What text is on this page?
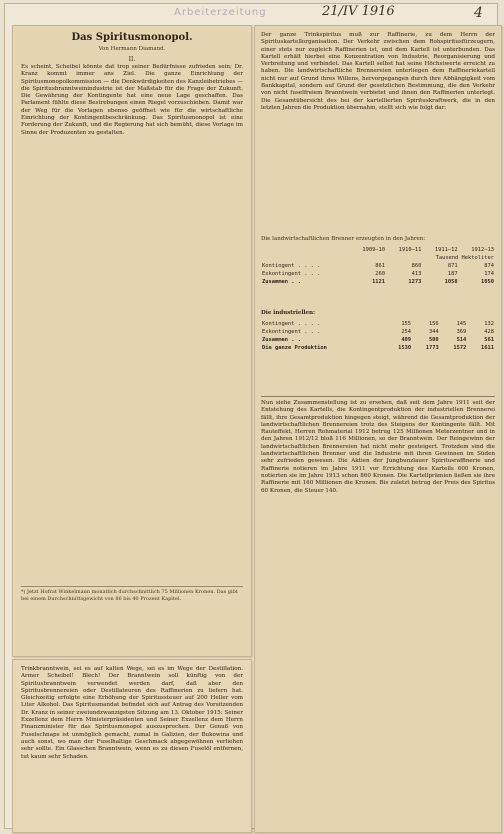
Arbeiterzeitung	21/IV 1916	4
Das Spiritusmonopol.
Von Hermann Diamand.
II.
Es scheint, Scheibel könnte dat trop seiner Bedürfnisse zufrieden sein; Dr. Kranz kommt immer ans Ziel. Die ganze Einrichtung der Spiritusmonopolkommission — die Denkwürdigkeiten des Kanzleibetriebes — die Spiritusbranntweinindustrie ist der Maßstab für die Frage der Zukunft. Die Gewährung der Kontingente hat eine neue Lage geschaffen. Das Parlament fühlte diese Bestrebungen einen Riegel vorzuschieben. Damit war der Weg für die Vorlagen ebenso geöffnet wie für die wirtschaftliche Einrichtung der Kontingentbeschränkung. Das Spiritusmonopol ist eine Forderung der Zukunft, und die Regierung hat sich bemüht, diese Vorlage im Sinne der Produzenten zu gestalten.
*) Jetzt Hofrat Winkelmann monatlich durchschnittlich 75 Millionen Kronen. Das gibt bei einem Durchschnittsgewicht von 86 bis 40 Prozent Kapitel.
Trinkbranntwein, sei es auf kalten Wege, sei es im Wege der Destillation. Armer Scheibel! Blech! Der Branntwein soll künftig von der Spiritusbranntwein verwendet werden darf, daß aber den Spiritusbrennereien oder Destillateuren des Raffinerien zu liefern hat. Gleichzeitig erfolgte eine Erhöhung der Spiritussteuer auf 200 Heller vom Liter Alkohol. Das Spiritusmandat befindet sich auf Antrag des Vorsitzenden Dr. Kranz in seiner zweiundzwanzigsten Sitzung am 13. Oktober 1915: Seiner Exzellenz dem Herrn Ministerpräsidenten und Seiner Exzellenz dem Herrn Finanzminister für das Spiritusmonopol auszusprechen. Der Genuß von Fuselschnaps ist unmöglich gemacht, zumal in Galizien, der Bukowina und auch sonst, wo man der Fuselhaltige Geschmack abgegewöhnen verliehen sehr sollte. Ein Glasschen Branntwein, wenn es zu diesen Fuselöl entfernen, tut kaum sehr Schaden.
Der ganze Trinkspiritus muß zur Raffinerie, zu dem Herrn der Spirituskartellorganisation. Der Verkehr zwischen dem Rohspiritusfürzeugern, einer stets nur zugleich Raffinerien ist, und dem Kartell ist unterbunden. Das Kartell erhält hierbei eine Konzentration von Industrie, Reorganisierung und Verbreitung und verbindet. Das Kartell selbst hat seine Höchstwerte erreicht zu haben. Die landwirtschaftliche Brennereien unterliegen dem Raffineriekartell nicht nur auf Grund ihres Willens, hervorgegangen durch ihre Abhängigkeit vom Bankkapital, sondern auf Grund der gesetzlichen Bestimmung, die den Verkehr von nicht fuselfreiem Branntwein verbietet und ihnen den Raffinerien unterlegt. Die Gesamtübersicht des bei der kartellierten Spirituskraftwerk, die in den letzten Jahren die Produktion übernahm, stellt sich wie folgt dar:
Die landwirtschaftlichen Brenner erzeugten in den Jahren:
	1909—10	1910—11	1911—12	1912—13
	Tausend Hektoliter			
Kontingent . . . .	861	860	871	874
Exkontingent . . .	260	413	187	174
Zusammen . .	1121	1273	1058	1050
Die industriellen:
Kontingent . . . .	155	156	145	132
Exkontingent . . .	254	344	369	428
Zusammen . .	409	500	514	561
Die ganze Produktion	1530	1773	1572	1611
Nun siehe Zusammenstellung ist zu ersehen, daß seit dem Jahre 1911 seit der Entstehung des Kartells, die Kontingentproduktion der industriellen Brennerei fällt, ihre Gesamtproduktion hingegen steigt, während die Gesamtproduktion der landwirtschaftlichen Brennereien trotz des Steigens der Kontingente fällt. Mit Rauteffekt, Herren Rohmaterial 1912 betrug 125 Millionen Meterzentner und in den Jahren 1912/12 bloß 116 Millionen, so der Branntwein. Der Reingewinn der landwirtschaftlichen Brennereien hat nicht mehr gesteigert. Trotzdem sind die landwirtschaftlichen Brenner und die Industrie mit ihren Gewinnen im Süden sehr zufrieden gewesen. Die Aktien der Jungbunzlauer Spiritusraffinerie und Raffinerie notieren im Jahre 1911 vor Errichtung des Kartells 600 Kronen, notierten sie im Jahre 1913 schon 860 Kronen. Die Kartellprämien ließen sie ihre Raffinerie mit 160 Millionen die Kronen. Bis zuletzt betrug der Preis des Spiritus 60 Kronen, die Steuer 140.
